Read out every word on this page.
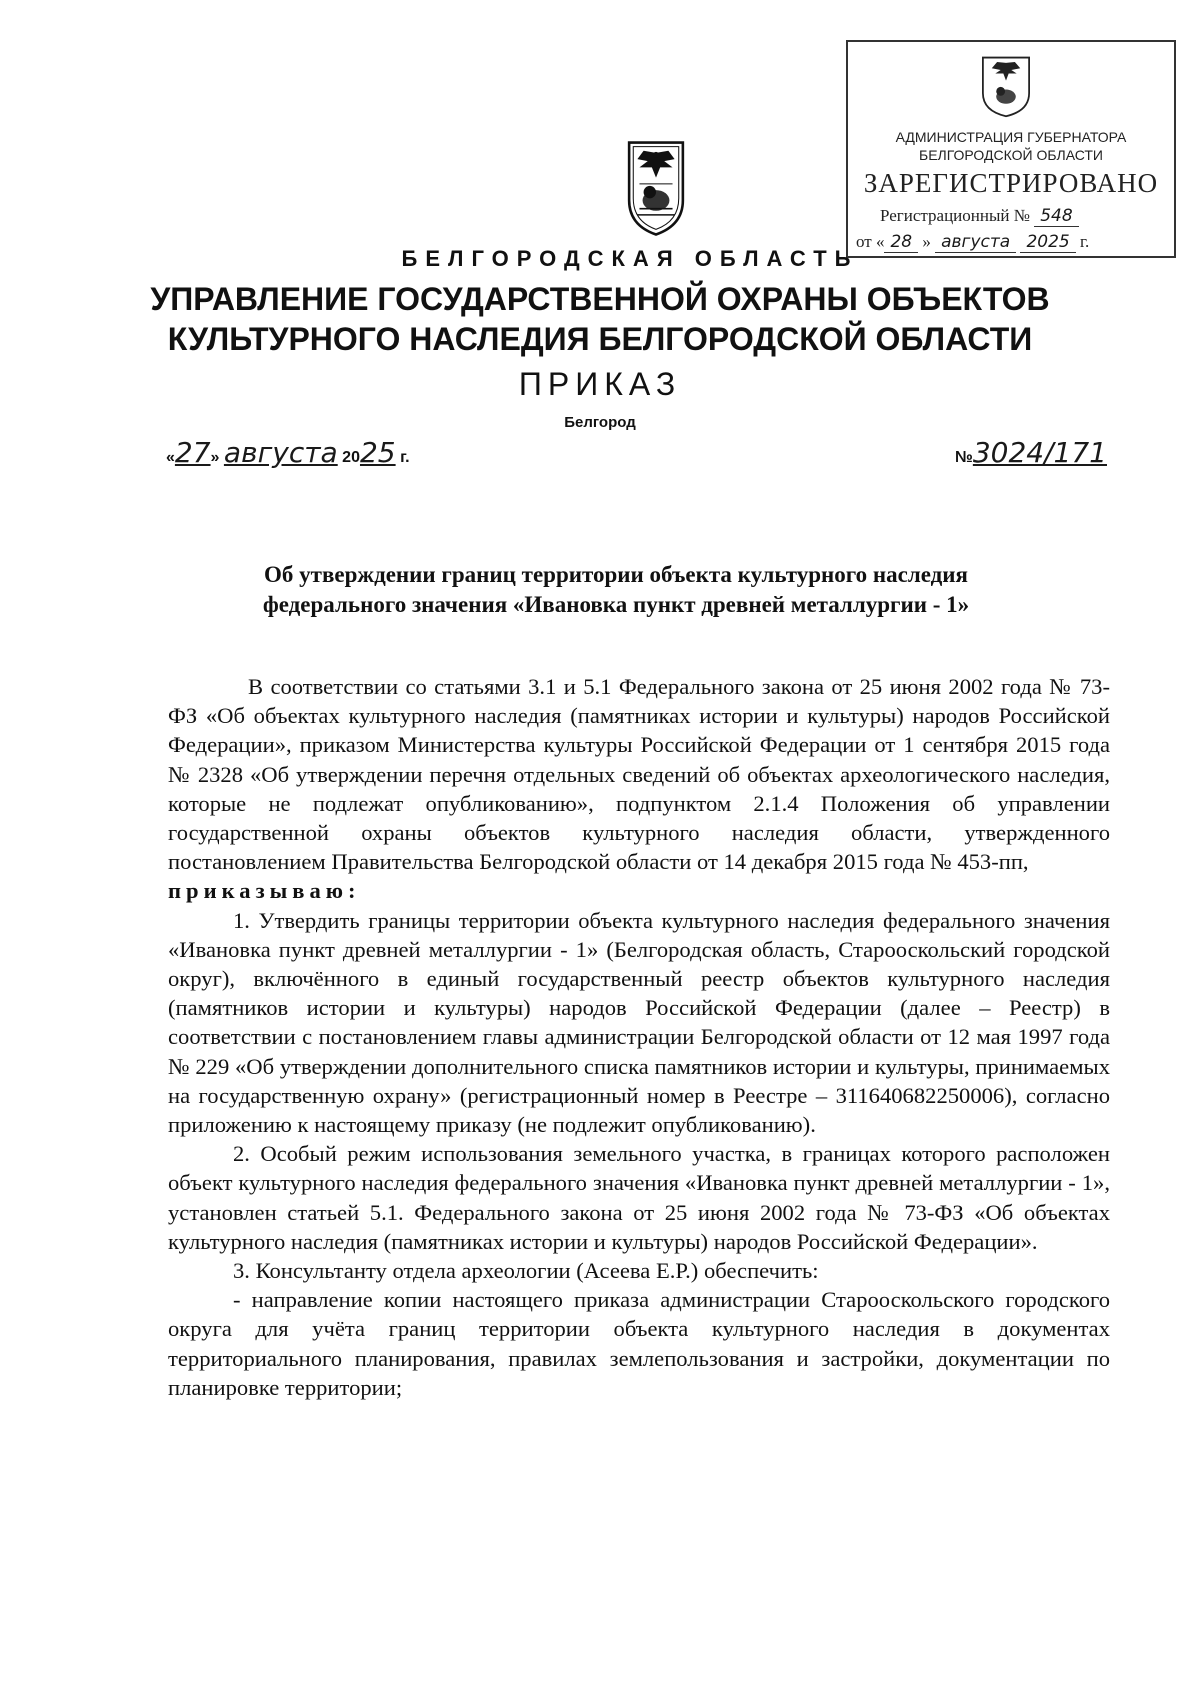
АДМИНИСТРАЦИЯ ГУБЕРНАТОРА
БЕЛГОРОДСКОЙ ОБЛАСТИ
ЗАРЕГИСТРИРОВАНО
Регистрационный № 548
от « 28 » августа 2025 г.
БЕЛГОРОДСКАЯ ОБЛАСТЬ
УПРАВЛЕНИЕ ГОСУДАРСТВЕННОЙ ОХРАНЫ ОБЪЕКТОВ
КУЛЬТУРНОГО НАСЛЕДИЯ БЕЛГОРОДСКОЙ ОБЛАСТИ
ПРИКАЗ
Белгород
«27» августа 2025 г.	№3024/171
Об утверждении границ территории объекта культурного наследия
федерального значения «Ивановка пункт древней металлургии - 1»

В соответствии со статьями 3.1 и 5.1 Федерального закона от 25 июня 2002 года № 73-ФЗ «Об объектах культурного наследия (памятниках истории и культуры) народов Российской Федерации», приказом Министерства культуры Российской Федерации от 1 сентября 2015 года № 2328 «Об утверждении перечня отдельных сведений об объектах археологического наследия, которые не подлежат опубликованию», подпунктом 2.1.4 Положения об управлении государственной охраны объектов культурного наследия области, утвержденного постановлением Правительства Белгородской области от 14 декабря 2015 года № 453-пп,

приказываю:

1. Утвердить границы территории объекта культурного наследия федерального значения «Ивановка пункт древней металлургии - 1» (Белгородская область, Старооскольский городской округ), включённого в единый государственный реестр объектов культурного наследия (памятников истории и культуры) народов Российской Федерации (далее – Реестр) в соответствии с постановлением главы администрации Белгородской области от 12 мая 1997 года № 229 «Об утверждении дополнительного списка памятников истории и культуры, принимаемых на государственную охрану» (регистрационный номер в Реестре – 311640682250006), согласно приложению к настоящему приказу (не подлежит опубликованию).

2. Особый режим использования земельного участка, в границах которого расположен объект культурного наследия федерального значения «Ивановка пункт древней металлургии - 1», установлен статьей 5.1. Федерального закона от 25 июня 2002 года № 73-ФЗ «Об объектах культурного наследия (памятниках истории и культуры) народов Российской Федерации».

3. Консультанту отдела археологии (Асеева Е.Р.) обеспечить:

- направление копии настоящего приказа администрации Старооскольского городского округа для учёта границ территории объекта культурного наследия в документах территориального планирования, правилах землепользования и застройки, документации по планировке территории;
